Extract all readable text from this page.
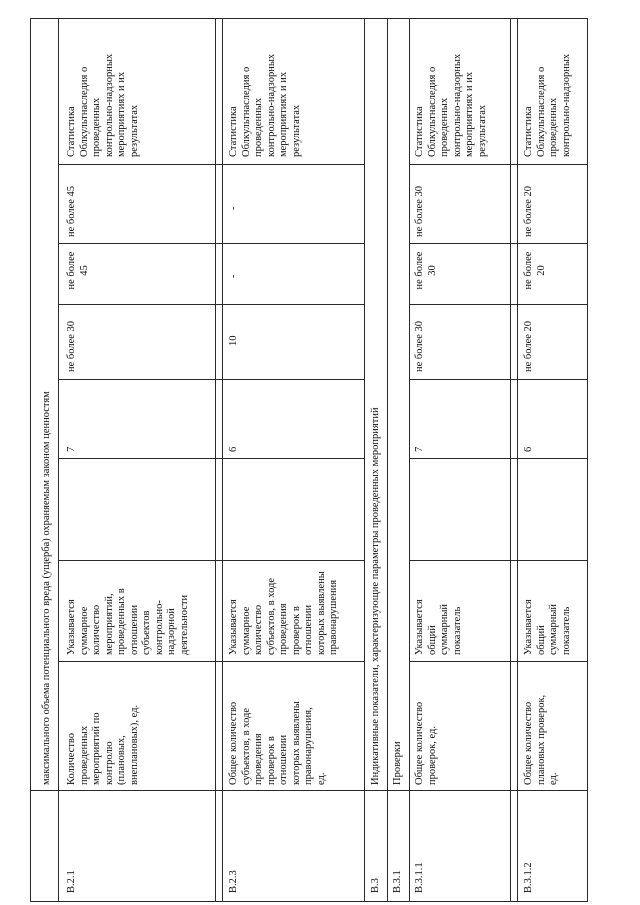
максимального объема потенциального вреда (ущерба) охраняемым законом ценностям
В.2.1
Количество
проведенных
мероприятий по
контролю
(плановых,
внеплановых), ед.
Указывается
суммарное
количество
мероприятий,
проведенных в
отношении
субъектов
контрольно-
надзорной
деятельности
7
не более 30
не более
45
не более 45
Статистика
Облкультнаследия о
проведенных
контрольно-надзорных
мероприятиях и их
результатах
В.2.3
Общее количество
субъектов, в ходе
проведения
проверок в
отношении
которых выявлены
правонарушения,
ед.
Указывается
суммарное
количество
субъектов, в ходе
проведения
проверок в
отношении
которых выявлены
правонарушения
6
10
-
-
Статистика
Облкультнаследия о
проведенных
контрольно-надзорных
мероприятиях и их
результатах
В.3
Индикативные показатели, характеризующие параметры проведенных мероприятий
В.3.1
Проверки
В.3.1.1
Общее количество
проверок, ед.
Указывается
общий
суммарный
показатель
7
не более 30
не более
30
не более 30
Статистика
Облкультнаследия о
проведенных
контрольно-надзорных
мероприятиях и их
результатах
В.3.1.2
Общее количество
плановых проверок,
ед.
Указывается
общий
суммарный
показатель
6
не более 20
не более
20
не более 20
Статистика
Облкультнаследия о
проведенных
контрольно-надзорных
